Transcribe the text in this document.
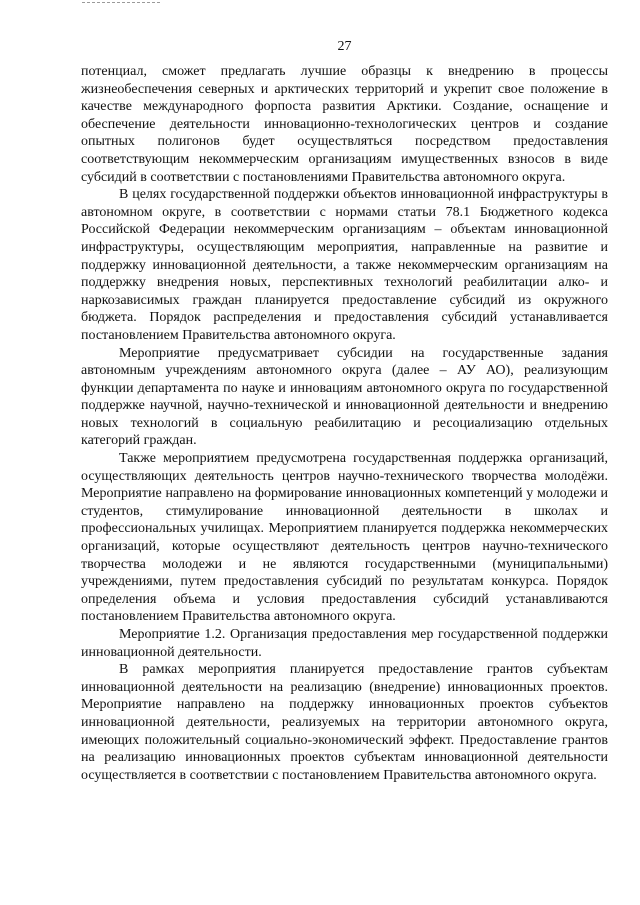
27

потенциал, сможет предлагать лучшие образцы к внедрению в процессы жизнеобеспечения северных и арктических территорий и укрепит свое положение в качестве международного форпоста развития Арктики. Создание, оснащение и обеспечение деятельности инновационно-технологических центров и создание опытных полигонов будет осуществляться посредством предоставления соответствующим некоммерческим организациям имущественных взносов в виде субсидий в соответствии с постановлениями Правительства автономного округа.

В целях государственной поддержки объектов инновационной инфраструктуры в автономном округе, в соответствии с нормами статьи 78.1 Бюджетного кодекса Российской Федерации некоммерческим организациям – объектам инновационной инфраструктуры, осуществляющим мероприятия, направленные на развитие и поддержку инновационной деятельности, а также некоммерческим организациям на поддержку внедрения новых, перспективных технологий реабилитации алко- и наркозависимых граждан планируется предоставление субсидий из окружного бюджета. Порядок распределения и предоставления субсидий устанавливается постановлением Правительства автономного округа.

Мероприятие предусматривает субсидии на государственные задания автономным учреждениям автономного округа (далее – АУ АО), реализующим функции департамента по науке и инновациям автономного округа по государственной поддержке научной, научно-технической и инновационной деятельности и внедрению новых технологий в социальную реабилитацию и ресоциализацию отдельных категорий граждан.

Также мероприятием предусмотрена государственная поддержка организаций, осуществляющих деятельность центров научно-технического творчества молодёжи. Мероприятие направлено на формирование инновационных компетенций у молодежи и студентов, стимулирование инновационной деятельности в школах и профессиональных училищах. Мероприятием планируется поддержка некоммерческих организаций, которые осуществляют деятельность центров научно-технического творчества молодежи и не являются государственными (муниципальными) учреждениями, путем предоставления субсидий по результатам конкурса. Порядок определения объема и условия предоставления субсидий устанавливаются постановлением Правительства автономного округа.

Мероприятие 1.2. Организация предоставления мер государственной поддержки инновационной деятельности.

В рамках мероприятия планируется предоставление грантов субъектам инновационной деятельности на реализацию (внедрение) инновационных проектов. Мероприятие направлено на поддержку инновационных проектов субъектов инновационной деятельности, реализуемых на территории автономного округа, имеющих положительный социально-экономический эффект. Предоставление грантов на реализацию инновационных проектов субъектам инновационной деятельности осуществляется в соответствии с постановлением Правительства автономного округа.
